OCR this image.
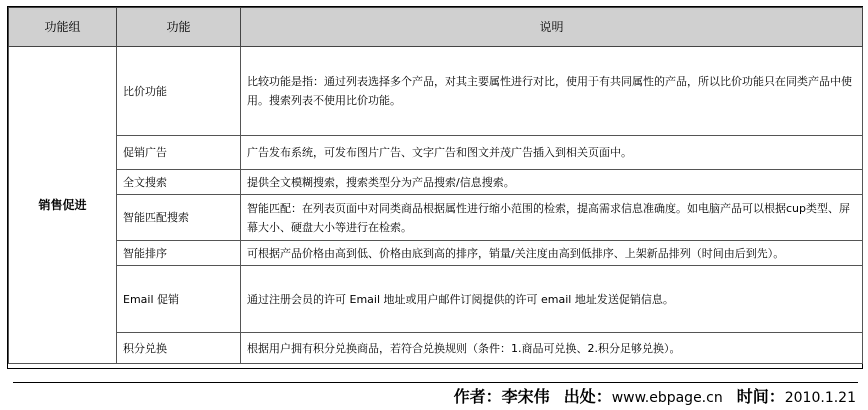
功能组	功能	说明
销售促进	比价功能	比较功能是指：通过列表选择多个产品，对其主要属性进行对比，使用于有共同属性的产品，所以比价功能只在同类产品中使用。搜索列表不使用比价功能。
	促销广告	广告发布系统，可发布图片广告、文字广告和图文并茂广告插入到相关页面中。
	全文搜索	提供全文模糊搜索，搜索类型分为产品搜索/信息搜索。
	智能匹配搜索	智能匹配：在列表页面中对同类商品根据属性进行缩小范围的检索，提高需求信息准确度。如电脑产品可以根据cup类型、屏幕大小、硬盘大小等进行在检索。
	智能排序	可根据产品价格由高到低、价格由底到高的排序，销量/关注度由高到低排序、上架新品排列（时间由后到先）。
	Email 促销	通过注册会员的许可 Email 地址或用户邮件订阅提供的许可 email 地址发送促销信息。
	积分兑换	根据用户拥有积分兑换商品，若符合兑换规则（条件：1.商品可兑换、2.积分足够兑换）。
作者：李宋伟 出处：www.ebpage.cn 时间：2010.1.21
